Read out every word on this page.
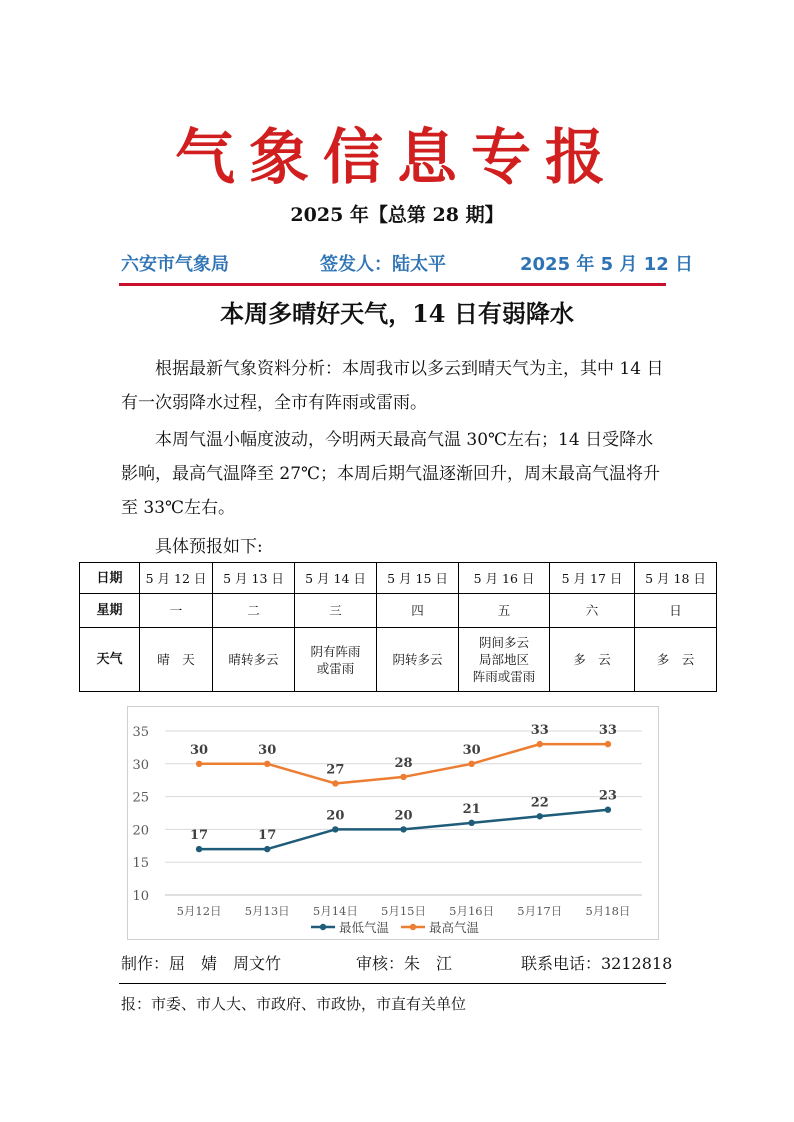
气象信息专报
2025 年【总第 28 期】
六安市气象局	签发人：陆太平	2025 年 5 月 12 日
本周多晴好天气，14 日有弱降水
根据最新气象资料分析：本周我市以多云到晴天气为主，其中 14 日有一次弱降水过程，全市有阵雨或雷雨。
本周气温小幅度波动，今明两天最高气温 30℃左右；14 日受降水影响，最高气温降至 27℃；本周后期气温逐渐回升，周末最高气温将升至 33℃左右。
具体预报如下:
日期	5 月 12 日	5 月 13 日	5 月 14 日	5 月 15 日	5 月 16 日	5 月 17 日	5 月 18 日
星期	一	二	三	四	五	六	日
天气	晴　天	晴转多云	阴有阵雨
或雷雨	阴转多云	阴间多云
局部地区
阵雨或雷雨	多　云	多　云
10
15
20
25
30
35
5月12日 5月13日 5月14日 5月15日 5月16日 5月17日 5月18日
17	17
20	20	21	22	23
30	30
27	28
30
33	33
最低气温	最高气温
制作：屈　婧　周文竹	审核：朱　江	联系电话：3212818
报：市委、市人大、市政府、市政协，市直有关单位
